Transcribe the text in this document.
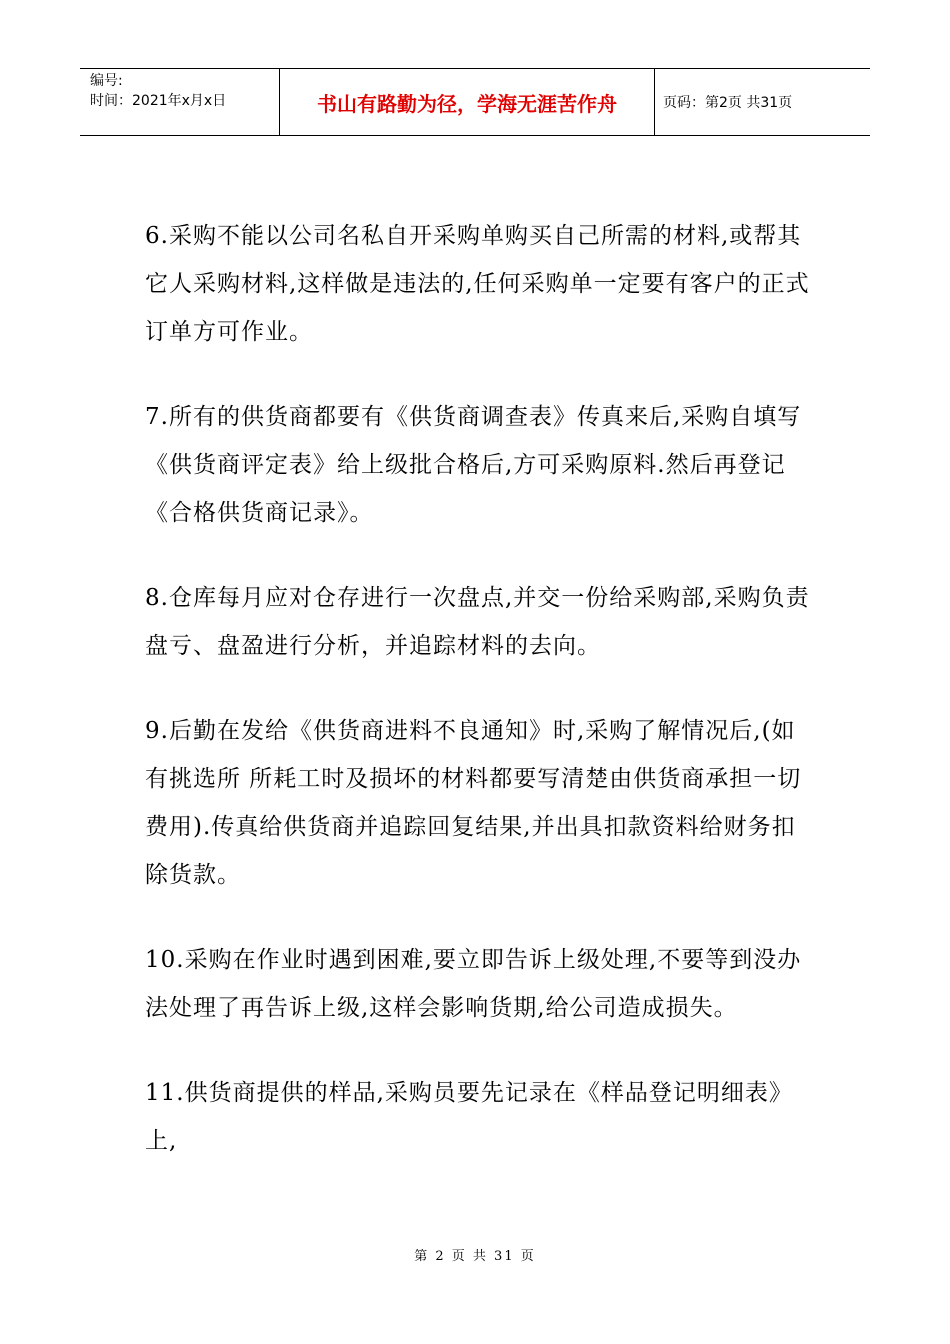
编号:
时间：2021年x月x日	书山有路勤为径，学海无涯苦作舟	页码：第2页 共31页

6.采购不能以公司名私自开采购单购买自己所需的材料,或帮其它人采购材料,这样做是违法的,任何采购单一定要有客户的正式订单方可作业。

7.所有的供货商都要有《供货商调查表》传真来后,采购自填写《供货商评定表》给上级批合格后,方可采购原料.然后再登记《合格供货商记录》。

8.仓库每月应对仓存进行一次盘点,并交一份给采购部,采购负责盘亏、盘盈进行分析，并追踪材料的去向。

9.后勤在发给《供货商进料不良通知》时,采购了解情况后,(如有挑选所 所耗工时及损坏的材料都要写清楚由供货商承担一切费用).传真给供货商并追踪回复结果,并出具扣款资料给财务扣除货款。

10.采购在作业时遇到困难,要立即告诉上级处理,不要等到没办法处理了再告诉上级,这样会影响货期,给公司造成损失。

11.供货商提供的样品,采购员要先记录在《样品登记明细表》上,

第 2 页 共 31 页
